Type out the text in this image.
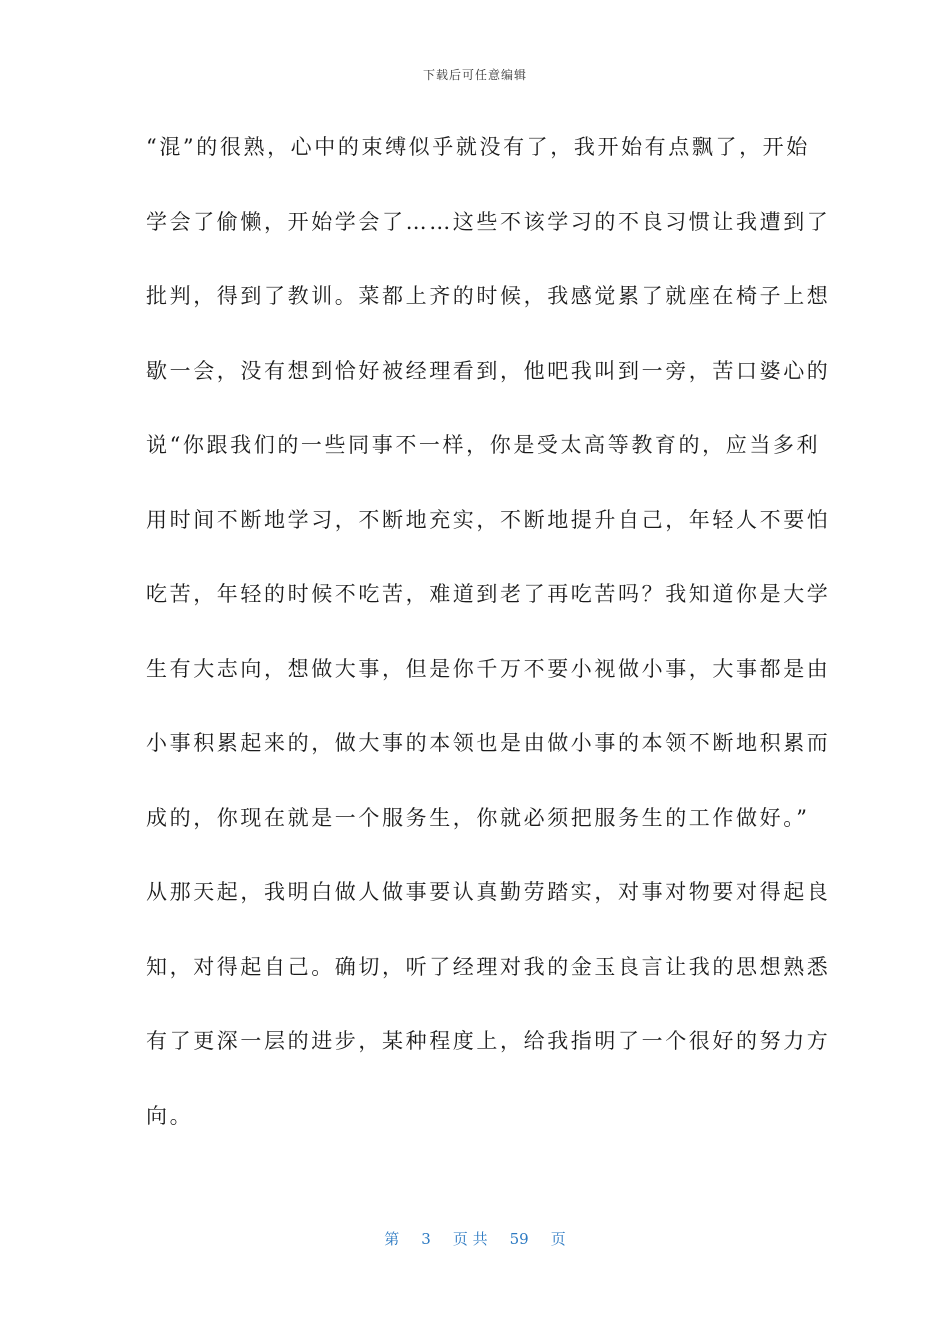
下载后可任意编辑
“混”的很熟，心中的束缚似乎就没有了，我开始有点飘了，开始
学会了偷懒，开始学会了……这些不该学习的不良习惯让我遭到了
批判，得到了教训。菜都上齐的时候，我感觉累了就座在椅子上想
歇一会，没有想到恰好被经理看到，他吧我叫到一旁，苦口婆心的
说“你跟我们的一些同事不一样，你是受太高等教育的，应当多利
用时间不断地学习，不断地充实，不断地提升自己，年轻人不要怕
吃苦，年轻的时候不吃苦，难道到老了再吃苦吗？我知道你是大学
生有大志向，想做大事，但是你千万不要小视做小事，大事都是由
小事积累起来的，做大事的本领也是由做小事的本领不断地积累而
成的，你现在就是一个服务生，你就必须把服务生的工作做好。”
从那天起，我明白做人做事要认真勤劳踏实，对事对物要对得起良
知，对得起自己。确切，听了经理对我的金玉良言让我的思想熟悉
有了更深一层的进步，某种程度上，给我指明了一个很好的努力方
向。
第 3 页 共 59 页
